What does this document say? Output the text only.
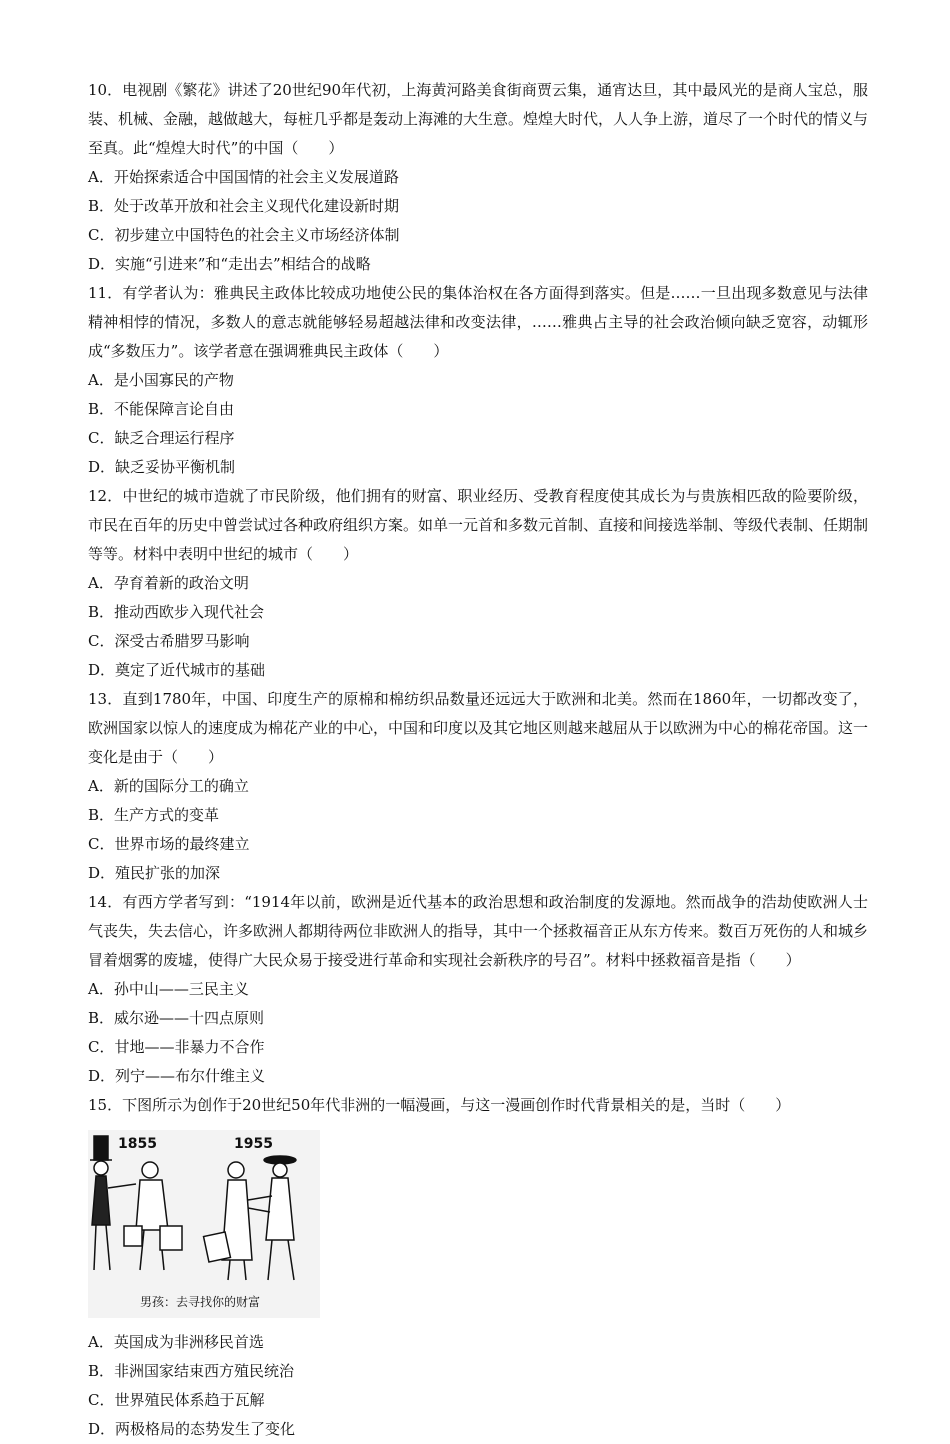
10．电视剧《繁花》讲述了20世纪90年代初，上海黄河路美食街商贾云集，通宵达旦，其中最风光的是商人宝总，服装、机械、金融，越做越大，每桩几乎都是轰动上海滩的大生意。煌煌大时代，人人争上游，道尽了一个时代的情义与至真。此“煌煌大时代”的中国（　　）
A．开始探索适合中国国情的社会主义发展道路
B．处于改革开放和社会主义现代化建设新时期
C．初步建立中国特色的社会主义市场经济体制
D．实施“引进来”和“走出去”相结合的战略
11．有学者认为：雅典民主政体比较成功地使公民的集体治权在各方面得到落实。但是……一旦出现多数意见与法律精神相悖的情况，多数人的意志就能够轻易超越法律和改变法律，……雅典占主导的社会政治倾向缺乏宽容，动辄形成“多数压力”。该学者意在强调雅典民主政体（　　）
A．是小国寡民的产物
B．不能保障言论自由
C．缺乏合理运行程序
D．缺乏妥协平衡机制
12．中世纪的城市造就了市民阶级，他们拥有的财富、职业经历、受教育程度使其成长为与贵族相匹敌的险要阶级，市民在百年的历史中曾尝试过各种政府组织方案。如单一元首和多数元首制、直接和间接选举制、等级代表制、任期制等等。材料中表明中世纪的城市（　　）
A．孕育着新的政治文明
B．推动西欧步入现代社会
C．深受古希腊罗马影响
D．奠定了近代城市的基础
13．直到1780年，中国、印度生产的原棉和棉纺织品数量还远远大于欧洲和北美。然而在1860年，一切都改变了，欧洲国家以惊人的速度成为棉花产业的中心，中国和印度以及其它地区则越来越屈从于以欧洲为中心的棉花帝国。这一变化是由于（　　）
A．新的国际分工的确立
B．生产方式的变革
C．世界市场的最终建立
D．殖民扩张的加深
14．有西方学者写到：“1914年以前，欧洲是近代基本的政治思想和政治制度的发源地。然而战争的浩劫使欧洲人士气丧失，失去信心，许多欧洲人都期待两位非欧洲人的指导，其中一个拯救福音正从东方传来。数百万死伤的人和城乡冒着烟雾的废墟，使得广大民众易于接受进行革命和实现社会新秩序的号召”。材料中拯救福音是指（　　）
A．孙中山——三民主义
B．威尔逊——十四点原则
C．甘地——非暴力不合作
D．列宁——布尔什维主义
15．下图所示为创作于20世纪50年代非洲的一幅漫画，与这一漫画创作时代背景相关的是，当时（　　）
1855	1955
男孩：去寻找你的财富
A．英国成为非洲移民首选
B．非洲国家结束西方殖民统治
C．世界殖民体系趋于瓦解
D．两极格局的态势发生了变化
